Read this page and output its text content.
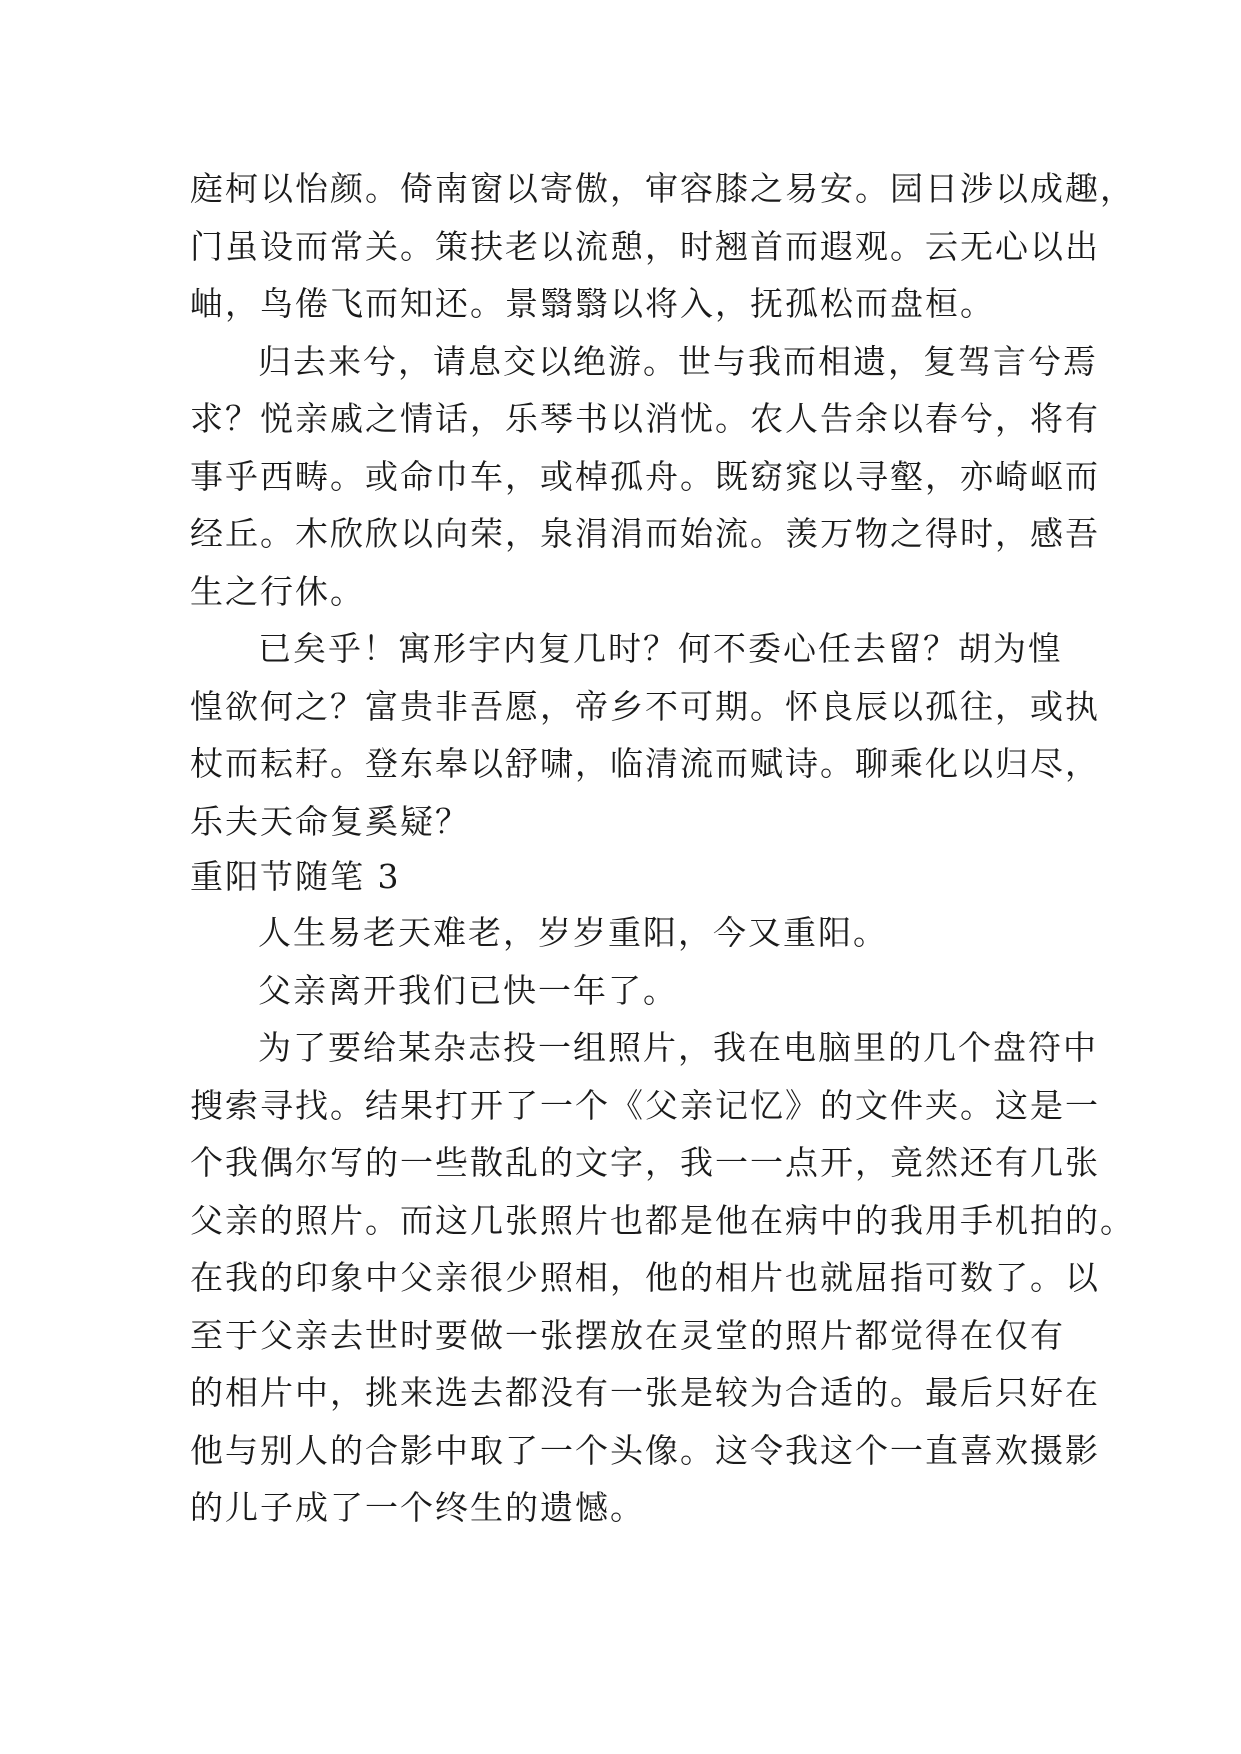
庭柯以怡颜。倚南窗以寄傲，审容膝之易安。园日涉以成趣，
门虽设而常关。策扶老以流憩，时翘首而遐观。云无心以出
岫，鸟倦飞而知还。景翳翳以将入，抚孤松而盘桓。
归去来兮，请息交以绝游。世与我而相遗，复驾言兮焉
求？悦亲戚之情话，乐琴书以消忧。农人告余以春兮，将有
事乎西畴。或命巾车，或棹孤舟。既窈窕以寻壑，亦崎岖而
经丘。木欣欣以向荣，泉涓涓而始流。羡万物之得时，感吾
生之行休。
已矣乎！寓形宇内复几时？何不委心任去留？胡为惶
惶欲何之？富贵非吾愿，帝乡不可期。怀良辰以孤往，或执
杖而耘耔。登东皋以舒啸，临清流而赋诗。聊乘化以归尽，
乐夫天命复奚疑？
重阳节随笔 3
人生易老天难老，岁岁重阳，今又重阳。
父亲离开我们已快一年了。
为了要给某杂志投一组照片，我在电脑里的几个盘符中
搜索寻找。结果打开了一个《父亲记忆》的文件夹。这是一
个我偶尔写的一些散乱的文字，我一一点开，竟然还有几张
父亲的照片。而这几张照片也都是他在病中的我用手机拍的。
在我的印象中父亲很少照相，他的相片也就屈指可数了。以
至于父亲去世时要做一张摆放在灵堂的照片都觉得在仅有
的相片中，挑来选去都没有一张是较为合适的。最后只好在
他与别人的合影中取了一个头像。这令我这个一直喜欢摄影
的儿子成了一个终生的遗憾。
